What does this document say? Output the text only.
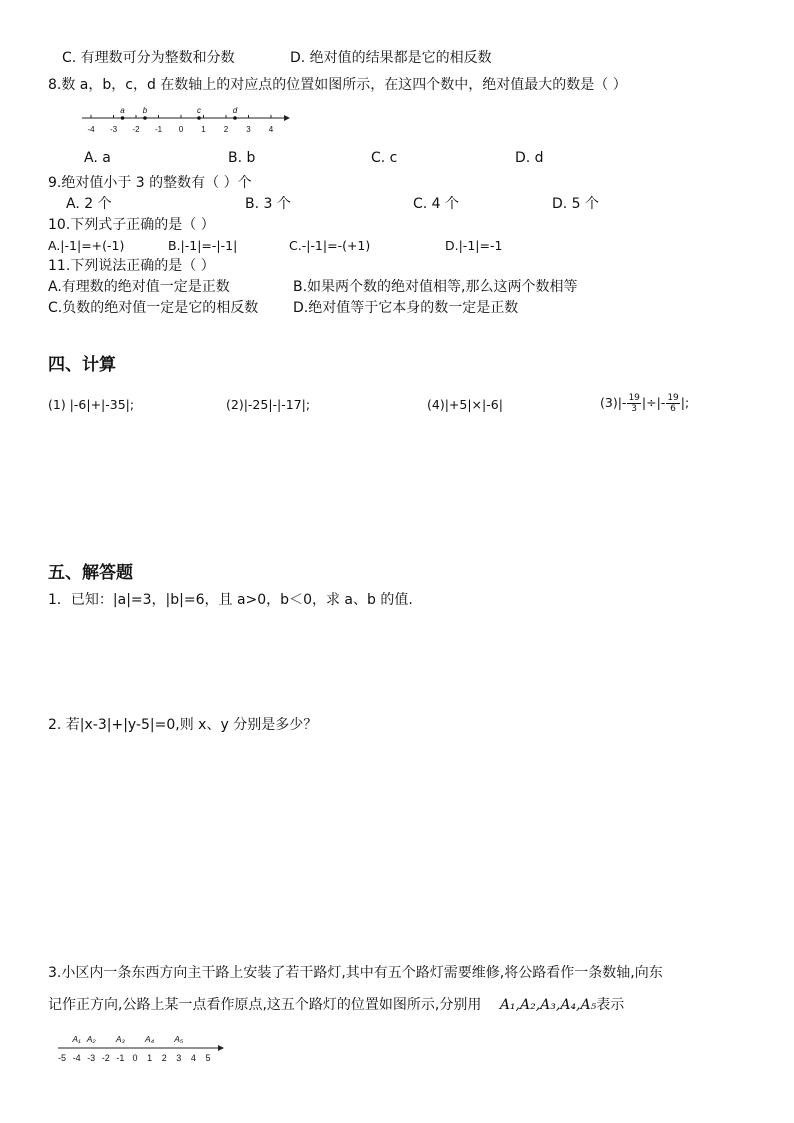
C. 有理数可分为整数和分数	D. 绝对值的结果都是它的相反数
8.数 a，b，c，d 在数轴上的对应点的位置如图所示，在这四个数中，绝对值最大的数是（ ）
-4 -3 -2 -1 0 1 2 3 4
a b	c	d
A. a	B. b	C. c	D. d
9.绝对值小于 3 的整数有（ ）个
A. 2 个	B. 3 个	C. 4 个	D. 5 个
10.下列式子正确的是（ ）
A.|-1|=+(-1)	B.|-1|=-|-1|	C.-|-1|=-(+1)	D.|-1|=-1
11.下列说法正确的是（ ）
A.有理数的绝对值一定是正数	B.如果两个数的绝对值相等,那么这两个数相等
C.负数的绝对值一定是它的相反数 D.绝对值等于它本身的数一定是正数
四、计算
(1) |-6|+|-35|;	(2)|-25|-|-17|;	(4)|+5|×|-6|	$(3)|- \frac{19}{3}$ |÷|- $\frac{19}{6}$ |;
五、解答题
1．已知：|a|=3，|b|=6，且 a>0，b＜0，求 a、b 的值.
2. 若|x-3|+|y-5|=0,则 x、y 分别是多少？
3.小区内一条东西方向主干路上安装了若干路灯,其中有五个路灯需要维修,将公路看作一条数轴,向东
记作正方向,公路上某一点看作原点,这五个路灯的位置如图所示,分别用 A₁,A₂,A₃,A₄,A₅表示
A₁ A₂ A₃ A₄ A₅
-5 -4 -3 -2 -1 0 1 2 3 4 5
